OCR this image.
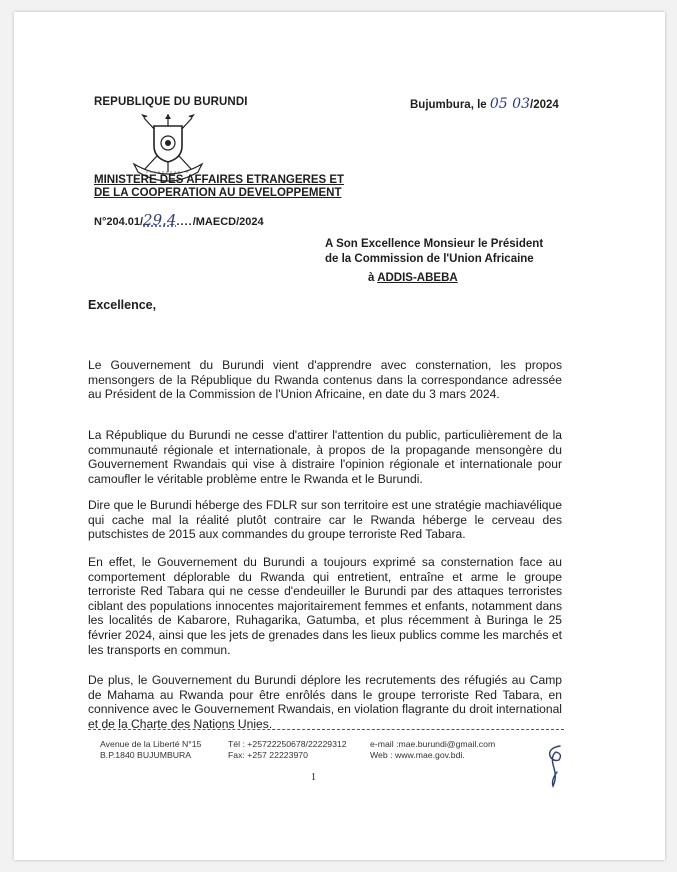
REPUBLIQUE DU BURUNDI	Bujumbura, le 05 03/2024
MINISTERE DES AFFAIRES ETRANGERES ET
DE LA COOPERATION AU DEVELOPPEMENT
N°204.01/29.4..../MAECD/2024
A Son Excellence Monsieur le Président
de la Commission de l'Union Africaine
à ADDIS-ABEBA
Excellence,

Le Gouvernement du Burundi vient d'apprendre avec consternation, les propos mensongers de la République du Rwanda contenus dans la correspondance adressée au Président de la Commission de l'Union Africaine, en date du 3 mars 2024.

La République du Burundi ne cesse d'attirer l'attention du public, particulièrement de la communauté régionale et internationale, à propos de la propagande mensongère du Gouvernement Rwandais qui vise à distraire l'opinion régionale et internationale pour camoufler le véritable problème entre le Rwanda et le Burundi.

Dire que le Burundi héberge des FDLR sur son territoire est une stratégie machiavélique qui cache mal la réalité plutôt contraire car le Rwanda héberge le cerveau des putschistes de 2015 aux commandes du groupe terroriste Red Tabara.

En effet, le Gouvernement du Burundi a toujours exprimé sa consternation face au comportement déplorable du Rwanda qui entretient, entraîne et arme le groupe terroriste Red Tabara qui ne cesse d'endeuiller le Burundi par des attaques terroristes ciblant des populations innocentes majoritairement femmes et enfants, notamment dans les localités de Kabarore, Ruhagarika, Gatumba, et plus récemment à Buringa le 25 février 2024, ainsi que les jets de grenades dans les lieux publics comme les marchés et les transports en commun.

De plus, le Gouvernement du Burundi déplore les recrutements des réfugiés au Camp de Mahama au Rwanda pour être enrôlés dans le groupe terroriste Red Tabara, en connivence avec le Gouvernement Rwandais, en violation flagrante du droit international et de la Charte des Nations Unies.

Avenue de la Liberté N°15
B.P.1840 BUJUMBURA
Tél : +25722250678/22229312
Fax: +257 22223970
e-mail :mae.burundi@gmail.com
Web : www.mae.gov.bdi.
1
